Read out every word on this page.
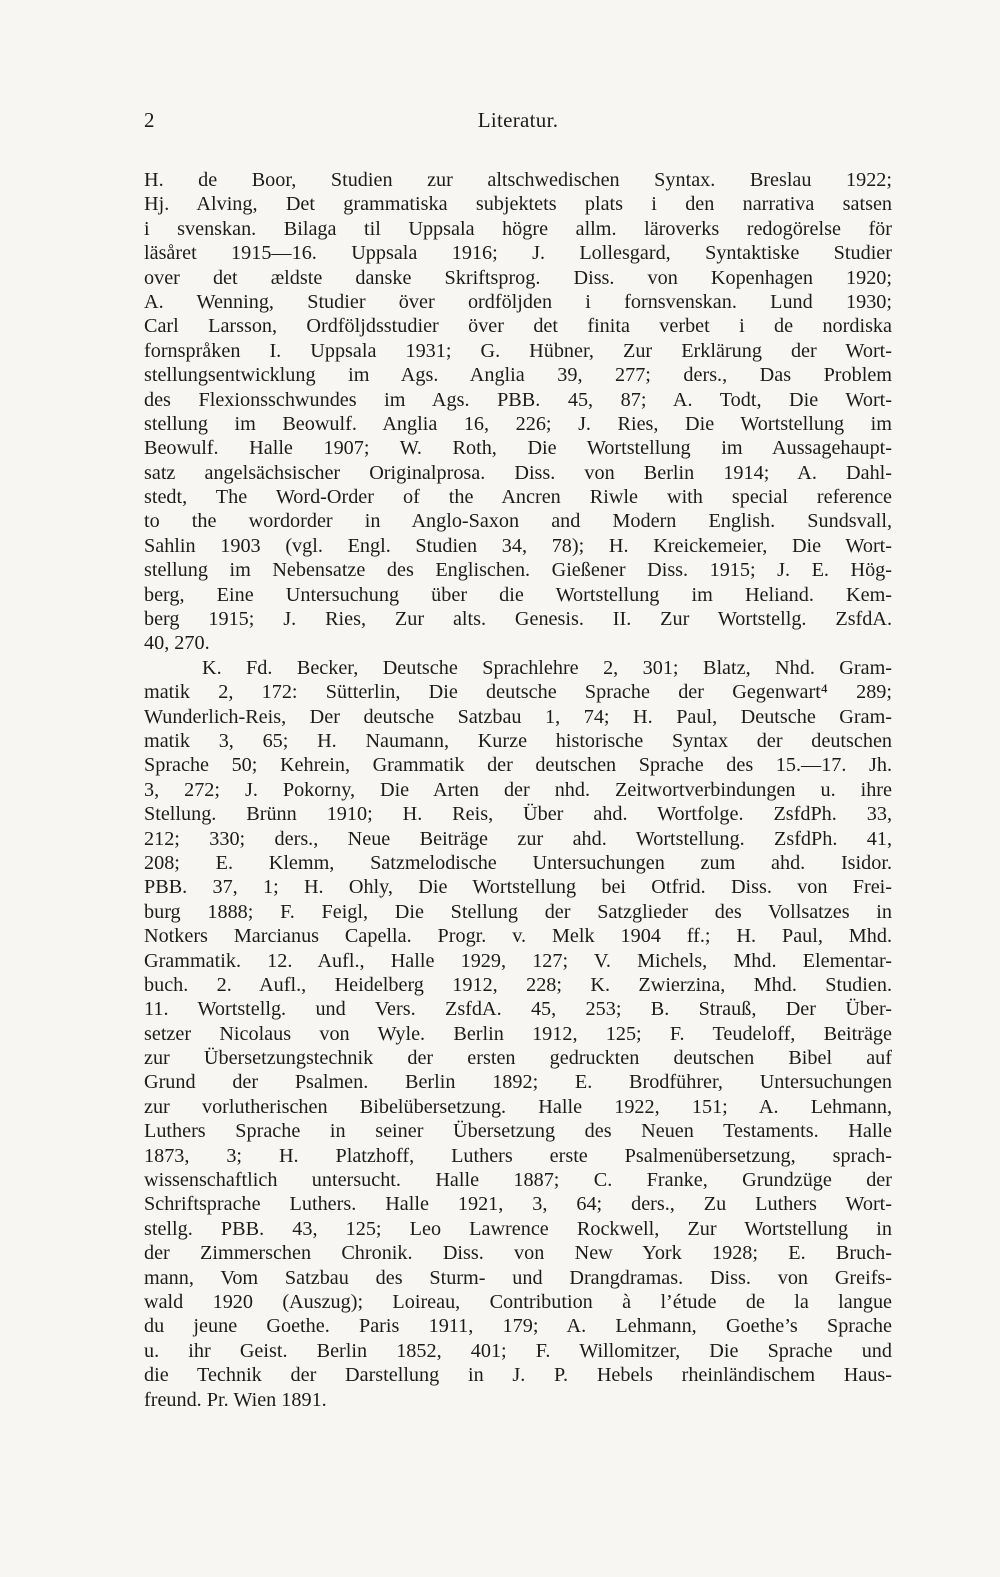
2	Literatur.
H. de Boor, Studien zur altschwedischen Syntax. Breslau 1922;
Hj. Alving, Det grammatiska subjektets plats i den narrativa satsen
i svenskan. Bilaga til Uppsala högre allm. läroverks redogörelse för
läsåret 1915—16. Uppsala 1916; J. Lollesgard, Syntaktiske Studier
over det ældste danske Skriftsprog. Diss. von Kopenhagen 1920;
A. Wenning, Studier över ordföljden i fornsvenskan. Lund 1930;
Carl Larsson, Ordföljdsstudier över det finita verbet i de nordiska
fornspråken I. Uppsala 1931; G. Hübner, Zur Erklärung der Wort-
stellungsentwicklung im Ags. Anglia 39, 277; ders., Das Problem
des Flexionsschwundes im Ags. PBB. 45, 87; A. Todt, Die Wort-
stellung im Beowulf. Anglia 16, 226; J. Ries, Die Wortstellung im
Beowulf. Halle 1907; W. Roth, Die Wortstellung im Aussagehaupt-
satz angelsächsischer Originalprosa. Diss. von Berlin 1914; A. Dahl-
stedt, The Word-Order of the Ancren Riwle with special reference
to the wordorder in Anglo-Saxon and Modern English. Sundsvall,
Sahlin 1903 (vgl. Engl. Studien 34, 78); H. Kreickemeier, Die Wort-
stellung im Nebensatze des Englischen. Gießener Diss. 1915; J. E. Hög-
berg, Eine Untersuchung über die Wortstellung im Heliand. Kem-
berg 1915; J. Ries, Zur alts. Genesis. II. Zur Wortstellg. ZsfdA.
40, 270.
K. Fd. Becker, Deutsche Sprachlehre 2, 301; Blatz, Nhd. Gram-
matik 2, 172: Sütterlin, Die deutsche Sprache der Gegenwart⁴ 289;
Wunderlich-Reis, Der deutsche Satzbau 1, 74; H. Paul, Deutsche Gram-
matik 3, 65; H. Naumann, Kurze historische Syntax der deutschen
Sprache 50; Kehrein, Grammatik der deutschen Sprache des 15.—17. Jh.
3, 272; J. Pokorny, Die Arten der nhd. Zeitwortverbindungen u. ihre
Stellung. Brünn 1910; H. Reis, Über ahd. Wortfolge. ZsfdPh. 33,
212; 330; ders., Neue Beiträge zur ahd. Wortstellung. ZsfdPh. 41,
208; E. Klemm, Satzmelodische Untersuchungen zum ahd. Isidor.
PBB. 37, 1; H. Ohly, Die Wortstellung bei Otfrid. Diss. von Frei-
burg 1888; F. Feigl, Die Stellung der Satzglieder des Vollsatzes in
Notkers Marcianus Capella. Progr. v. Melk 1904 ff.; H. Paul, Mhd.
Grammatik. 12. Aufl., Halle 1929, 127; V. Michels, Mhd. Elementar-
buch. 2. Aufl., Heidelberg 1912, 228; K. Zwierzina, Mhd. Studien.
11. Wortstellg. und Vers. ZsfdA. 45, 253; B. Strauß, Der Über-
setzer Nicolaus von Wyle. Berlin 1912, 125; F. Teudeloff, Beiträge
zur Übersetzungstechnik der ersten gedruckten deutschen Bibel auf
Grund der Psalmen. Berlin 1892; E. Brodführer, Untersuchungen
zur vorlutherischen Bibelübersetzung. Halle 1922, 151; A. Lehmann,
Luthers Sprache in seiner Übersetzung des Neuen Testaments. Halle
1873, 3; H. Platzhoff, Luthers erste Psalmenübersetzung, sprach-
wissenschaftlich untersucht. Halle 1887; C. Franke, Grundzüge der
Schriftsprache Luthers. Halle 1921, 3, 64; ders., Zu Luthers Wort-
stellg. PBB. 43, 125; Leo Lawrence Rockwell, Zur Wortstellung in
der Zimmerschen Chronik. Diss. von New York 1928; E. Bruch-
mann, Vom Satzbau des Sturm- und Drangdramas. Diss. von Greifs-
wald 1920 (Auszug); Loireau, Contribution à l’étude de la langue
du jeune Goethe. Paris 1911, 179; A. Lehmann, Goethe’s Sprache
u. ihr Geist. Berlin 1852, 401; F. Willomitzer, Die Sprache und
die Technik der Darstellung in J. P. Hebels rheinländischem Haus-
freund. Pr. Wien 1891.
